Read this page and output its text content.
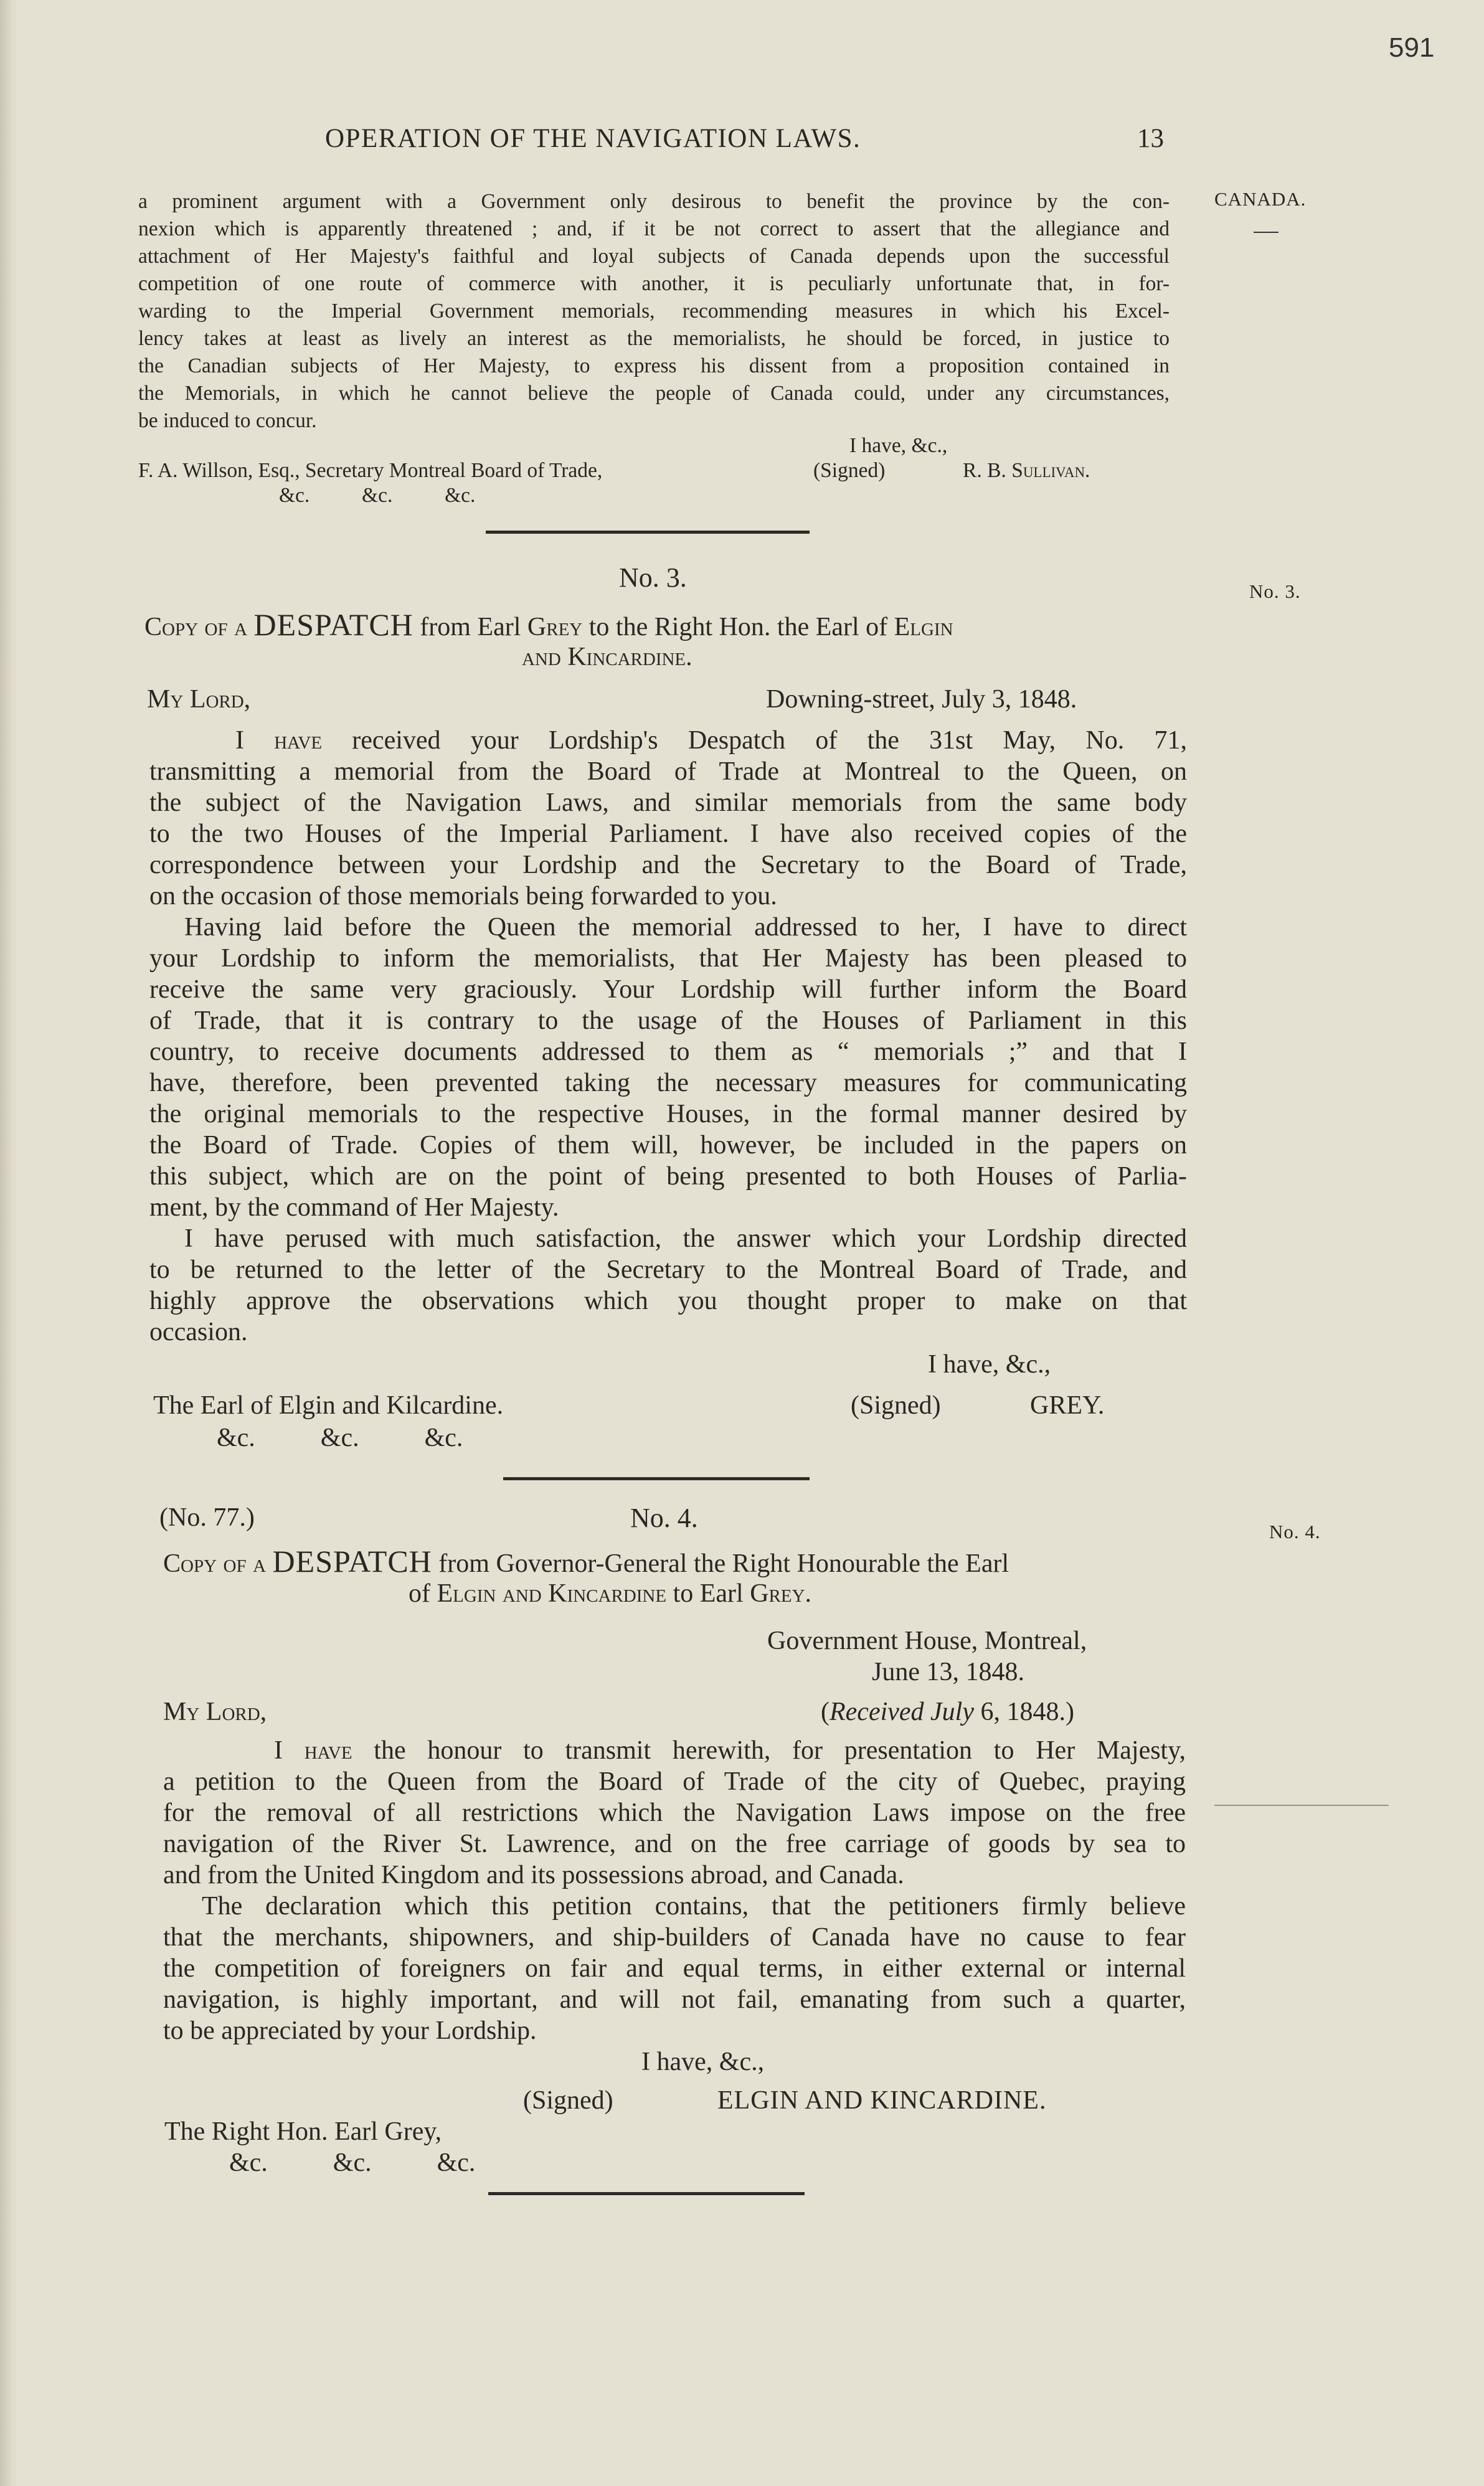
591
OPERATION OF THE NAVIGATION LAWS.	13
CANADA.
No. 3.
No. 4.
a prominent argument with a Government only desirous to benefit the province by the con-
nexion which is apparently threatened ; and, if it be not correct to assert that the allegiance and
attachment of Her Majesty's faithful and loyal subjects of Canada depends upon the successful
competition of one route of commerce with another, it is peculiarly unfortunate that, in for-
warding to the Imperial Government memorials, recommending measures in which his Excel-
lency takes at least as lively an interest as the memorialists, he should be forced, in justice to
the Canadian subjects of Her Majesty, to express his dissent from a proposition contained in
the Memorials, in which he cannot believe the people of Canada could, under any circumstances,
be induced to concur.
I have, &c.,
F. A. Willson, Esq., Secretary Montreal Board of Trade,	(Signed)	R. B. Sullivan.
&c.          &c.          &c.
No. 3.
Copy of a DESPATCH from Earl Grey to the Right Hon. the Earl of Elgin
and Kincardine.
My Lord,	Downing-street, July 3, 1848.
I have received your Lordship's Despatch of the 31st May, No. 71,
transmitting a memorial from the Board of Trade at Montreal to the Queen, on
the subject of the Navigation Laws, and similar memorials from the same body
to the two Houses of the Imperial Parliament. I have also received copies of the
correspondence between your Lordship and the Secretary to the Board of Trade,
on the occasion of those memorials being forwarded to you.
Having laid before the Queen the memorial addressed to her, I have to direct
your Lordship to inform the memorialists, that Her Majesty has been pleased to
receive the same very graciously. Your Lordship will further inform the Board
of Trade, that it is contrary to the usage of the Houses of Parliament in this
country, to receive documents addressed to them as “ memorials ;” and that I
have, therefore, been prevented taking the necessary measures for communicating
the original memorials to the respective Houses, in the formal manner desired by
the Board of Trade. Copies of them will, however, be included in the papers on
this subject, which are on the point of being presented to both Houses of Parlia-
ment, by the command of Her Majesty.
I have perused with much satisfaction, the answer which your Lordship directed
to be returned to the letter of the Secretary to the Montreal Board of Trade, and
highly approve the observations which you thought proper to make on that
occasion.
I have, &c.,
The Earl of Elgin and Kilcardine.	(Signed)	GREY.
&c.          &c.          &c.
(No. 77.)	No. 4.
Copy of a DESPATCH from Governor-General the Right Honourable the Earl
of Elgin and Kincardine to Earl Grey.
Government House, Montreal,
June 13, 1848.
My Lord,	(Received July 6, 1848.)
I have the honour to transmit herewith, for presentation to Her Majesty,
a petition to the Queen from the Board of Trade of the city of Quebec, praying
for the removal of all restrictions which the Navigation Laws impose on the free
navigation of the River St. Lawrence, and on the free carriage of goods by sea to
and from the United Kingdom and its possessions abroad, and Canada.
The declaration which this petition contains, that the petitioners firmly believe
that the merchants, shipowners, and ship-builders of Canada have no cause to fear
the competition of foreigners on fair and equal terms, in either external or internal
navigation, is highly important, and will not fail, emanating from such a quarter,
to be appreciated by your Lordship.
I have, &c.,
(Signed)	ELGIN AND KINCARDINE.
The Right Hon. Earl Grey,
&c.          &c.          &c.
